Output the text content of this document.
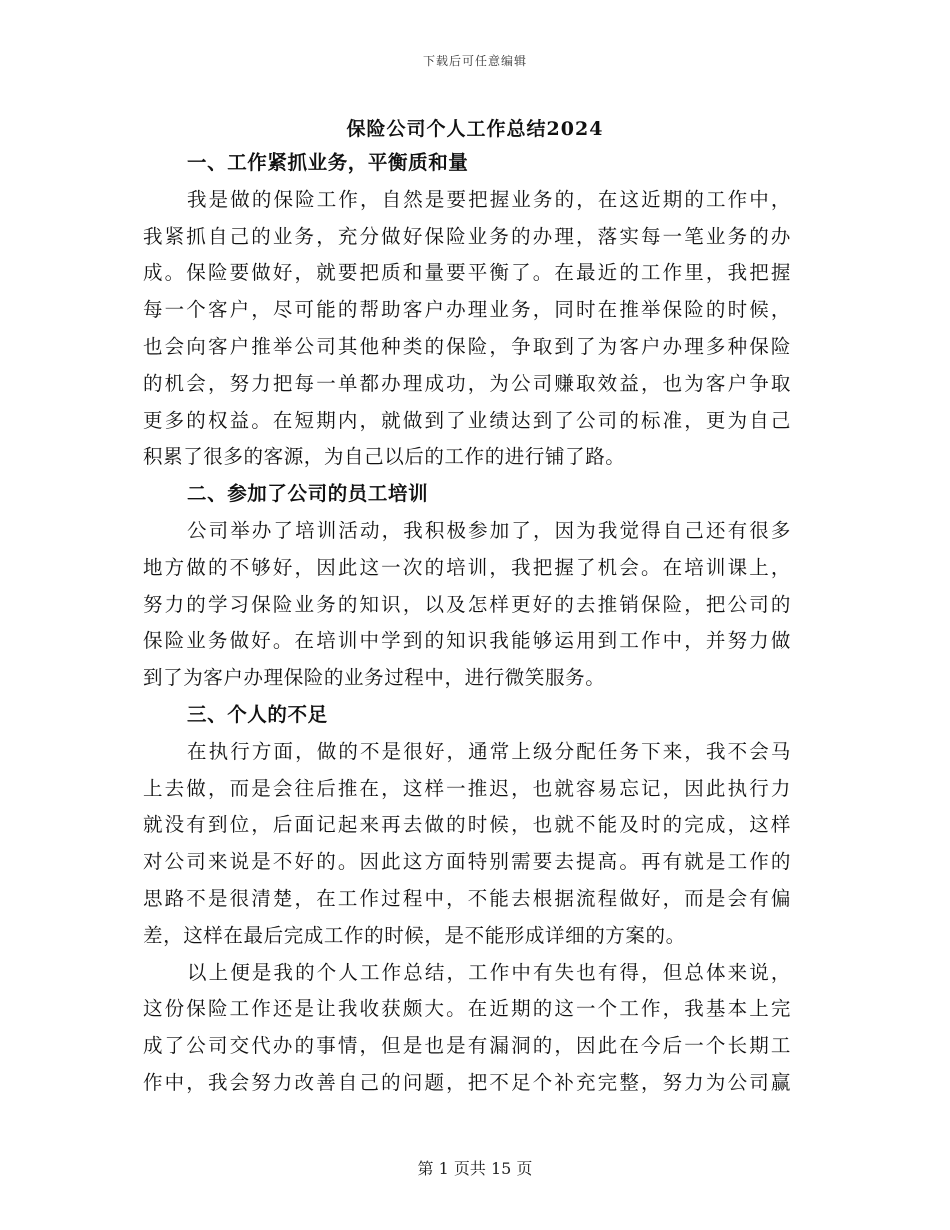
下载后可任意编辑
保险公司个人工作总结2024
一、工作紧抓业务，平衡质和量
我是做的保险工作，自然是要把握业务的，在这近期的工作中，
我紧抓自己的业务，充分做好保险业务的办理，落实每一笔业务的办
成。保险要做好，就要把质和量要平衡了。在最近的工作里，我把握
每一个客户，尽可能的帮助客户办理业务，同时在推举保险的时候，
也会向客户推举公司其他种类的保险，争取到了为客户办理多种保险
的机会，努力把每一单都办理成功，为公司赚取效益，也为客户争取
更多的权益。在短期内，就做到了业绩达到了公司的标准，更为自己
积累了很多的客源，为自己以后的工作的进行铺了路。
二、参加了公司的员工培训
公司举办了培训活动，我积极参加了，因为我觉得自己还有很多
地方做的不够好，因此这一次的培训，我把握了机会。在培训课上，
努力的学习保险业务的知识，以及怎样更好的去推销保险，把公司的
保险业务做好。在培训中学到的知识我能够运用到工作中，并努力做
到了为客户办理保险的业务过程中，进行微笑服务。
三、个人的不足
在执行方面，做的不是很好，通常上级分配任务下来，我不会马
上去做，而是会往后推在，这样一推迟，也就容易忘记，因此执行力
就没有到位，后面记起来再去做的时候，也就不能及时的完成，这样
对公司来说是不好的。因此这方面特别需要去提高。再有就是工作的
思路不是很清楚，在工作过程中，不能去根据流程做好，而是会有偏
差，这样在最后完成工作的时候，是不能形成详细的方案的。
以上便是我的个人工作总结，工作中有失也有得，但总体来说，
这份保险工作还是让我收获颇大。在近期的这一个工作，我基本上完
成了公司交代办的事情，但是也是有漏洞的，因此在今后一个长期工
作中，我会努力改善自己的问题，把不足个补充完整，努力为公司赢
第 1 页共 15 页
